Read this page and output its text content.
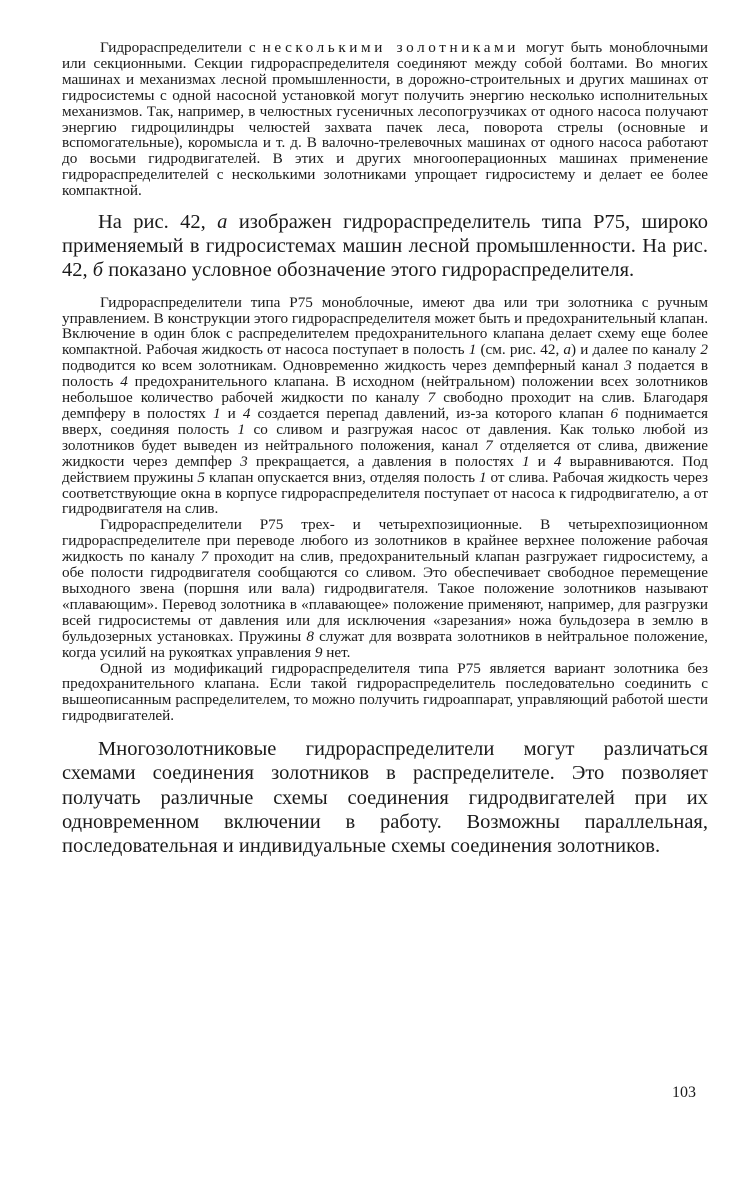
Гидрораспределители с несколькими золотниками могут быть моноблочными или секционными. Секции гидрораспределителя соединяют между собой болтами. Во многих машинах и механизмах лесной промышленности, в дорожно-строительных и других машинах от гидросистемы с одной насосной установкой могут получить энергию несколько исполнительных механизмов. Так, например, в челюстных гусеничных лесопогрузчиках от одного насоса получают энергию гидроцилиндры челюстей захвата пачек леса, поворота стрелы (основные и вспомогательные), коромысла и т. д. В валочно-трелевочных машинах от одного насоса работают до восьми гидродвигателей. В этих и других многооперационных машинах применение гидрораспределителей с несколькими золотниками упрощает гидросистему и делает ее более компактной.

На рис. 42, а изображен гидрораспределитель типа Р75, широко применяемый в гидросистемах машин лесной промышленности. На рис. 42, б показано условное обозначение этого гидрораспределителя.

Гидрораспределители типа Р75 моноблочные, имеют два или три золотника с ручным управлением. В конструкции этого гидрораспределителя может быть и предохранительный клапан. Включение в один блок с распределителем предохранительного клапана делает схему еще более компактной. Рабочая жидкость от насоса поступает в полость 1 (см. рис. 42, а) и далее по каналу 2 подводится ко всем золотникам. Одновременно жидкость через демпферный канал 3 подается в полость 4 предохранительного клапана. В исходном (нейтральном) положении всех золотников небольшое количество рабочей жидкости по каналу 7 свободно проходит на слив. Благодаря демпферу в полостях 1 и 4 создается перепад давлений, из-за которого клапан 6 поднимается вверх, соединяя полость 1 со сливом и разгружая насос от давления. Как только любой из золотников будет выведен из нейтрального положения, канал 7 отделяется от слива, движение жидкости через демпфер 3 прекращается, а давления в полостях 1 и 4 выравниваются. Под действием пружины 5 клапан опускается вниз, отделяя полость 1 от слива. Рабочая жидкость через соответствующие окна в корпусе гидрораспределителя поступает от насоса к гидродвигателю, а от гидродвигателя на слив.

Гидрораспределители Р75 трех- и четырехпозиционные. В четырехпозиционном гидрораспределителе при переводе любого из золотников в крайнее верхнее положение рабочая жидкость по каналу 7 проходит на слив, предохранительный клапан разгружает гидросистему, а обе полости гидродвигателя сообщаются со сливом. Это обеспечивает свободное перемещение выходного звена (поршня или вала) гидродвигателя. Такое положение золотников называют «плавающим». Перевод золотника в «плавающее» положение применяют, например, для разгрузки всей гидросистемы от давления или для исключения «зарезания» ножа бульдозера в землю в бульдозерных установках. Пружины 8 служат для возврата золотников в нейтральное положение, когда усилий на рукоятках управления 9 нет.

Одной из модификаций гидрораспределителя типа Р75 является вариант золотника без предохранительного клапана. Если такой гидрораспределитель последовательно соединить с вышеописанным распределителем, то можно получить гидроаппарат, управляющий работой шести гидродвигателей.

Многозолотниковые гидрораспределители могут различаться схемами соединения золотников в распределителе. Это позволяет получать различные схемы соединения гидродвигателей при их одновременном включении в работу. Возможны параллельная, последовательная и индивидуальные схемы соединения золотников.

103
